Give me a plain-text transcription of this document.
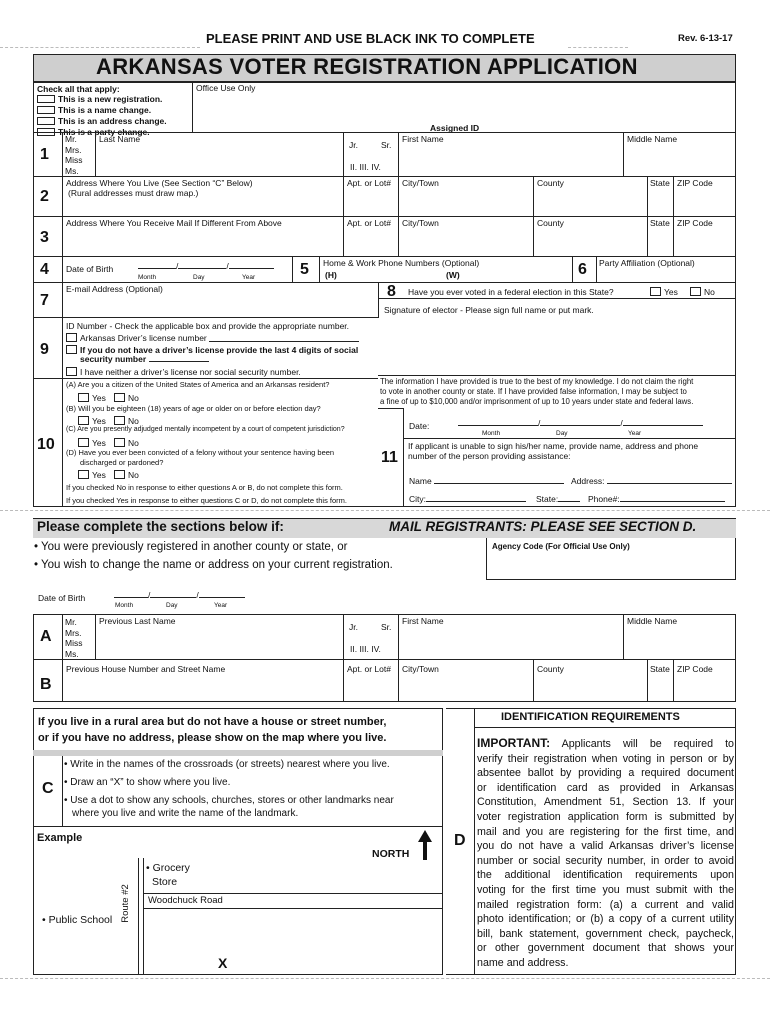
PLEASE PRINT AND USE BLACK INK TO COMPLETE	Rev. 6-13-17
ARKANSAS VOTER REGISTRATION APPLICATION
Check all that apply:
This is a new registration.
This is a name change.
This is an address change.
This is a party change.
Office Use Only
Assigned ID
1
Mr.
Mrs.
Miss
Ms.
Last Name
Jr.	Sr.
II. III. IV.
First Name	Middle Name
2
Address Where You Live (See Section “C” Below)
(Rural addresses must draw map.)
Apt. or Lot# City/Town	County	State ZIP Code
3
Address Where You Receive Mail If Different From Above	Apt. or Lot# City/Town	County	State ZIP Code
4 Date of Birth	/	/
Month	Day	Year	5 Home & Work Phone Numbers (Optional)
(H)	(W)	6 Party Affiliation (Optional)
7
E-mail Address (Optional)	8 Have you ever voted in a federal election in this State?	Yes	No
Signature of elector - Please sign full name or put mark.
9
ID Number - Check the applicable box and provide the appropriate number.
Arkansas Driver’s license number
If you do not have a driver’s license provide the last 4 digits of social
security number
I have neither a driver’s license nor social security number.
10
(A) Are you a citizen of the United States of America and an Arkansas resident?
Yes	No
(B) Will you be eighteen (18) years of age or older on or before election day?
Yes	No
(C) Are you presently adjudged mentally incompetent by a court of competent jurisdiction?
Yes	No
(D) Have you ever been convicted of a felony without your sentence having been
discharged or pardoned?
Yes	No
If you checked No in response to either questions A or B, do not complete this form.
If you checked Yes in response to either questions C or D, do not complete this form.
The information I have provided is true to the best of my knowledge. I do not claim the right
to vote in another county or state. If I have provided false information, I may be subject to
a fine of up to $10,000 and/or imprisonment of up to 10 years under state and federal laws.
11
Date:	/	/
Month	Day	Year
If applicant is unable to sign his/her name, provide name, address and phone
number of the person providing assistance:
Name	Address:
City:	State:	Phone#:
Please complete the sections below if:	MAIL REGISTRANTS: PLEASE SEE SECTION D.
• You were previously registered in another county or state, or
• You wish to change the name or address on your current registration.
Agency Code (For Official Use Only)
Date of Birth	/	/
Month	Day	Year
A
Mr.
Mrs.
Miss
Ms.
Previous Last Name
Jr.	Sr.
II. III. IV.
First Name	Middle Name
B
Previous House Number and Street Name	Apt. or Lot# City/Town	County	State ZIP Code
If you live in a rural area but do not have a house or street number,
or if you have no address, please show on the map where you live.
C
• Write in the names of the crossroads (or streets) nearest where you live.
• Draw an “X” to show where you live.
• Use a dot to show any schools, churches, stores or other landmarks near
where you live and write the name of the landmark.
Example
• Grocery
Store
Woodchuck Road
Route #2
• Public School
NORTH
X
D
IDENTIFICATION REQUIREMENTS
IMPORTANT: Applicants will be required to
verify their registration when voting in person or by
absentee ballot by providing a required document
or identification card as provided in Arkansas
Constitution, Amendment 51, Section 13. If your
voter registration application form is submitted by
mail and you are registering for the first time, and
you do not have a valid Arkansas driver’s license
number or social security number, in order to avoid
the additional identification requirements upon
voting for the first time you must submit with the
mailed registration form: (a) a current and valid
photo identification; or (b) a copy of a current utility
bill, bank statement, government check, paycheck,
or other government document that shows your
name and address.
